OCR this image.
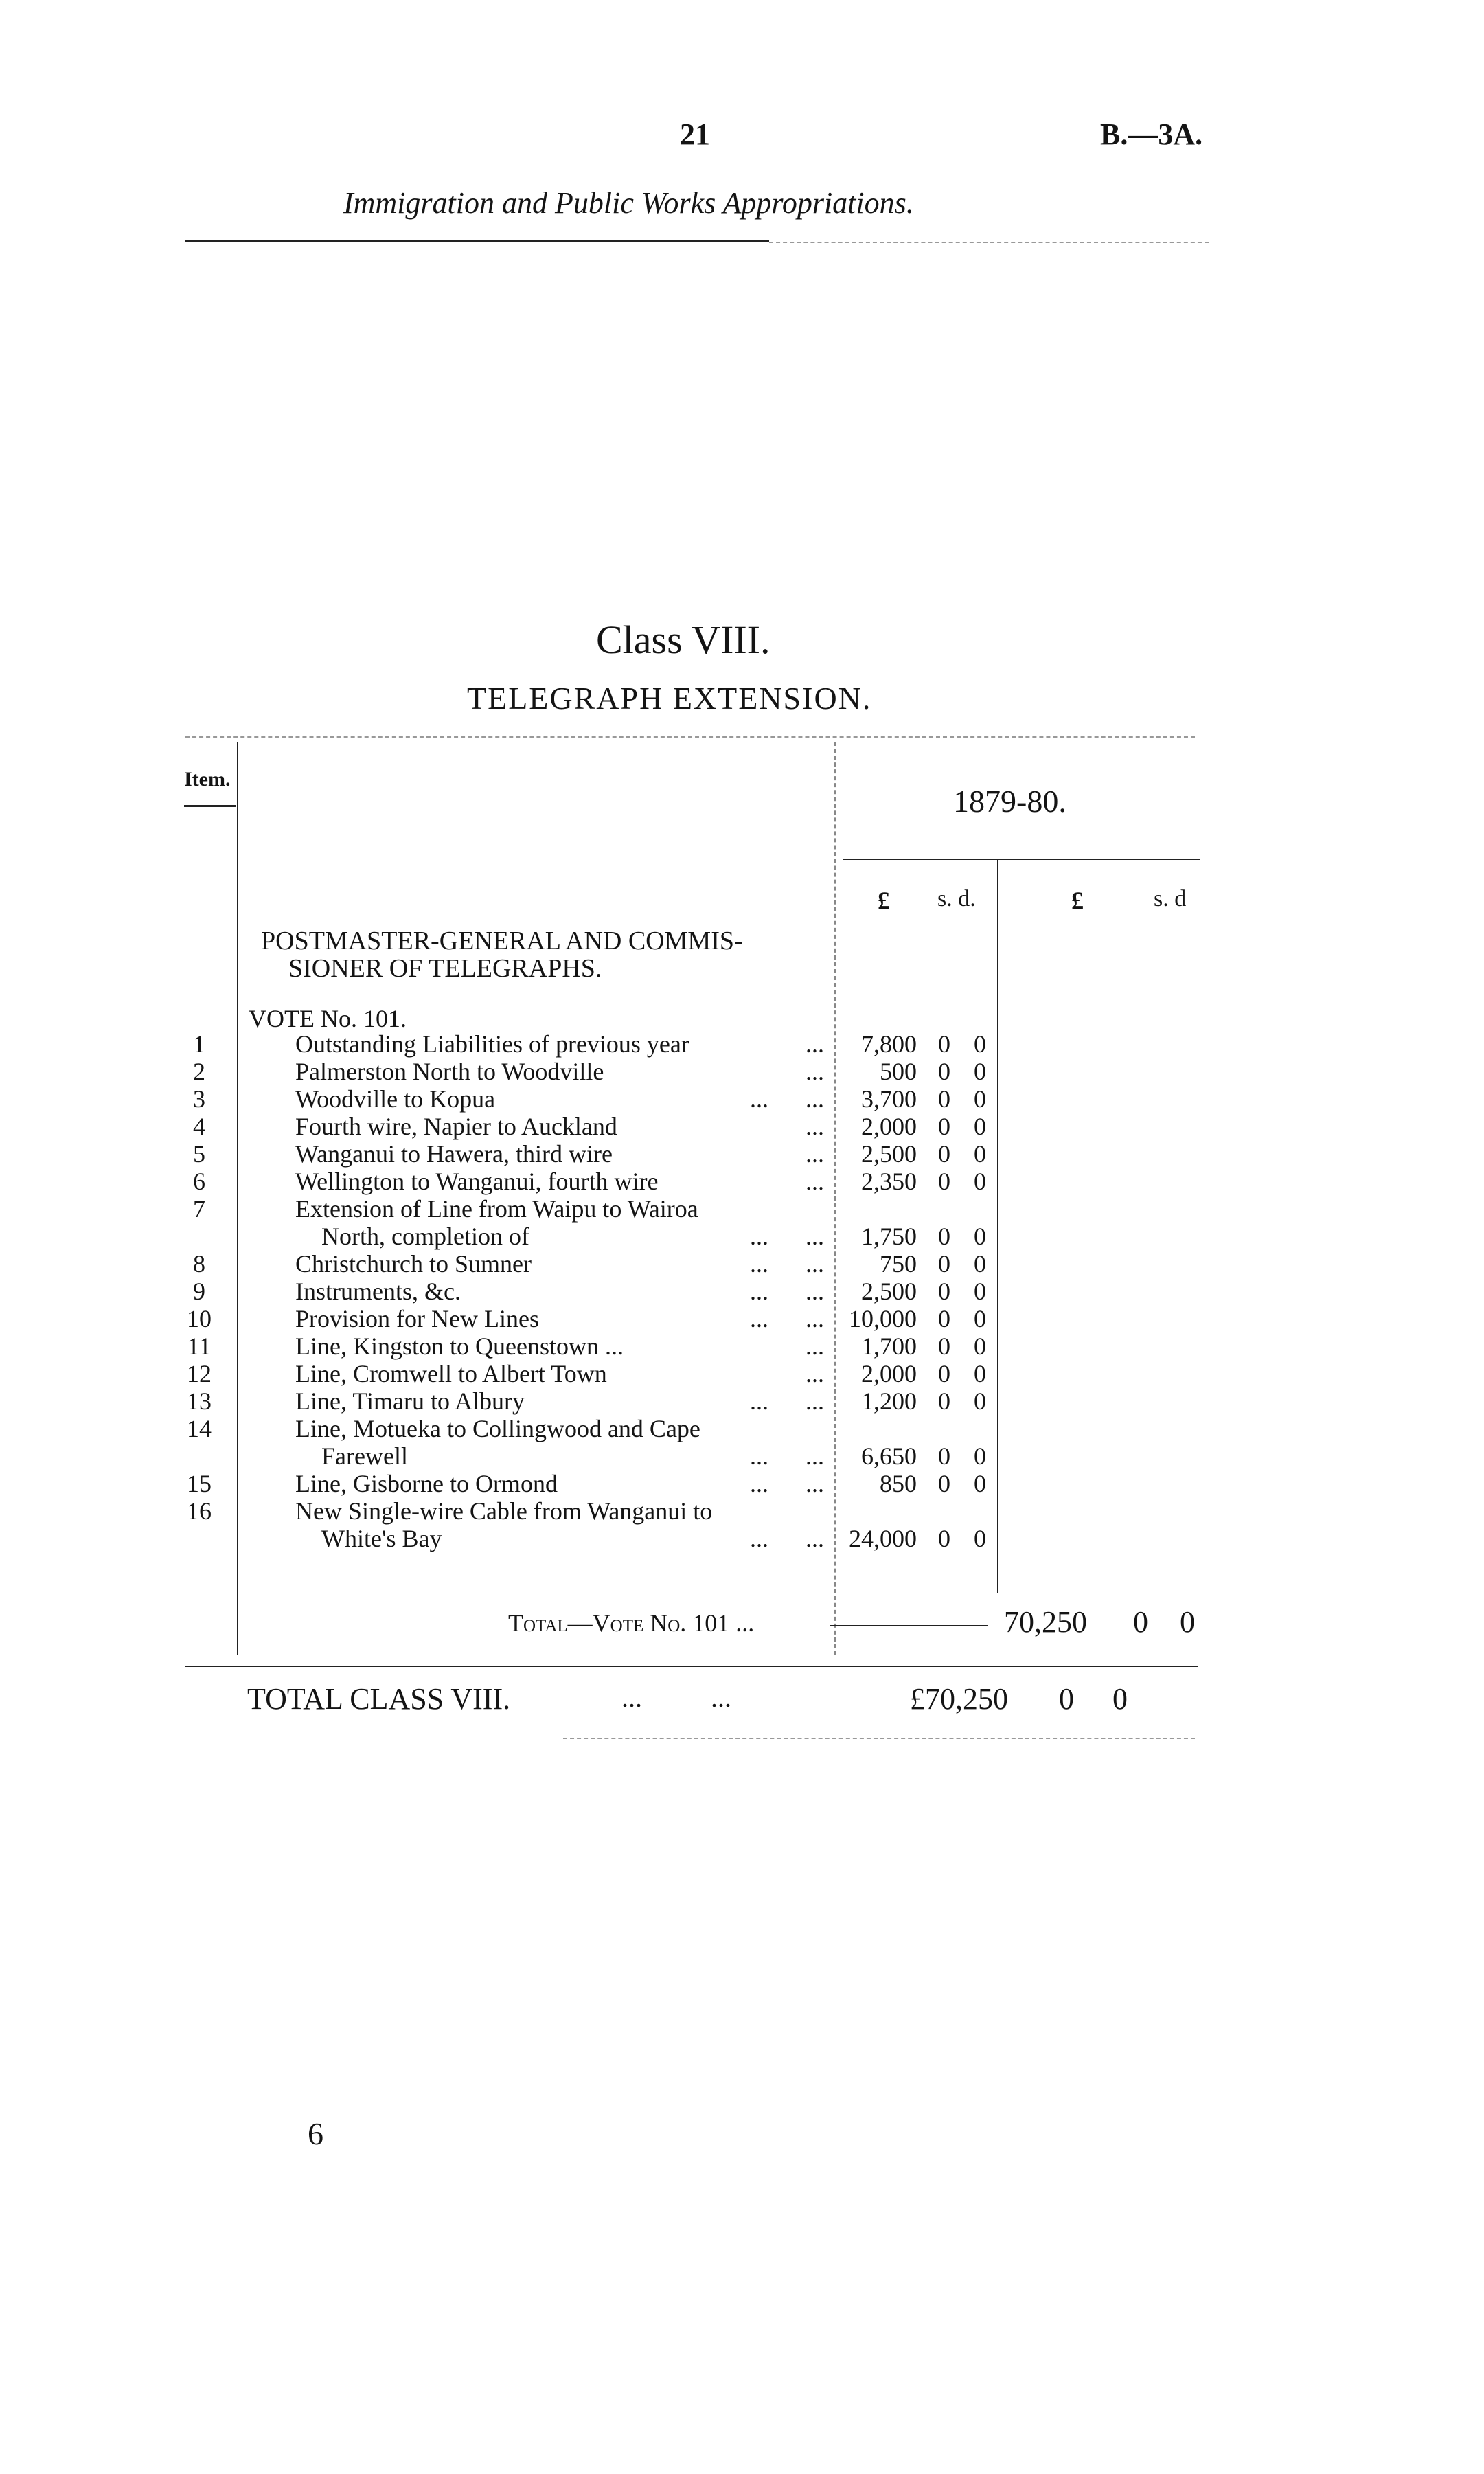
21	B.—3A.
Immigration and Public Works Appropriations.
Class VIII.
TELEGRAPH EXTENSION.
Item.
1879-80.
£ s. d.	£	s. d
POSTMASTER-GENERAL AND COMMIS-
SIONER OF TELEGRAPHS.
VOTE No. 101.
1	Outstanding Liabilities of previous year	...	7,800 0 0
2	Palmerston North to Woodville	...	500 0 0
3	Woodville to Kopua	...      ...	3,700 0 0
4	Fourth wire, Napier to Auckland	...	2,000 0 0
5	Wanganui to Hawera, third wire	...	2,500 0 0
6	Wellington to Wanganui, fourth wire	...	2,350 0 0
7	Extension of Line from Waipu to Wairoa
North, completion of	...      ...	1,750 0 0
8	Christchurch to Sumner	...      ...	750 0 0
9	Instruments, &c.	...      ...	2,500 0 0
10	Provision for New Lines	...      ...	10,000 0 0
11	Line, Kingston to Queenstown ...	...	1,700 0 0
12	Line, Cromwell to Albert Town	...	2,000 0 0
13	Line, Timaru to Albury	...      ...	1,200 0 0
14	Line, Motueka to Collingwood and Cape
Farewell	...      ...	6,650 0 0
15	Line, Gisborne to Ormond	...      ...	850 0 0
16	New Single-wire Cable from Wanganui to
White's Bay	...      ...	24,000 0 0
Total—Vote No. 101 ...	70,250 0 0
TOTAL CLASS VIII.	...          ...	£70,250 0 0
6
